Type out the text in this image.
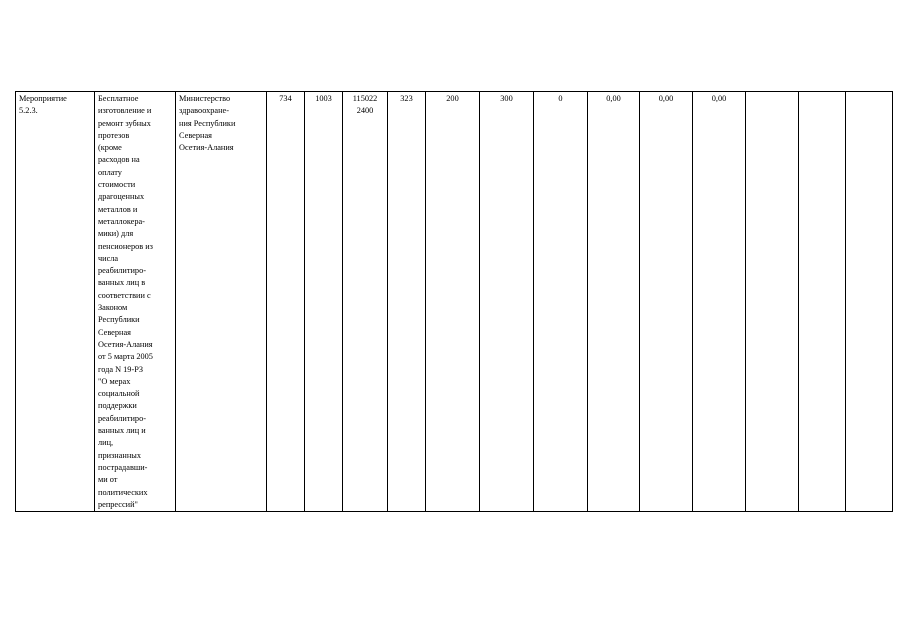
Мероприятие
5.2.3.	Бесплатное
изготовление и
ремонт зубных
протезов
(кроме
расходов на
оплату
стоимости
драгоценных
металлов и
металлокера-
мики) для
пенсионеров из
числа
реабилитиро-
ванных лиц в
соответствии с
Законом
Республики
Северная
Осетия-Алания
от 5 марта 2005
года N 19-РЗ
"О мерах
социальной
поддержки
реабилитиро-
ванных лиц и
лиц,
признанных
пострадавши-
ми от
политических
репрессий"	Министерство
здравоохране-
ния Республики
Северная
Осетия-Алания	734	1003	115022
2400	323	200	300	0	0,00	0,00	0,00			
